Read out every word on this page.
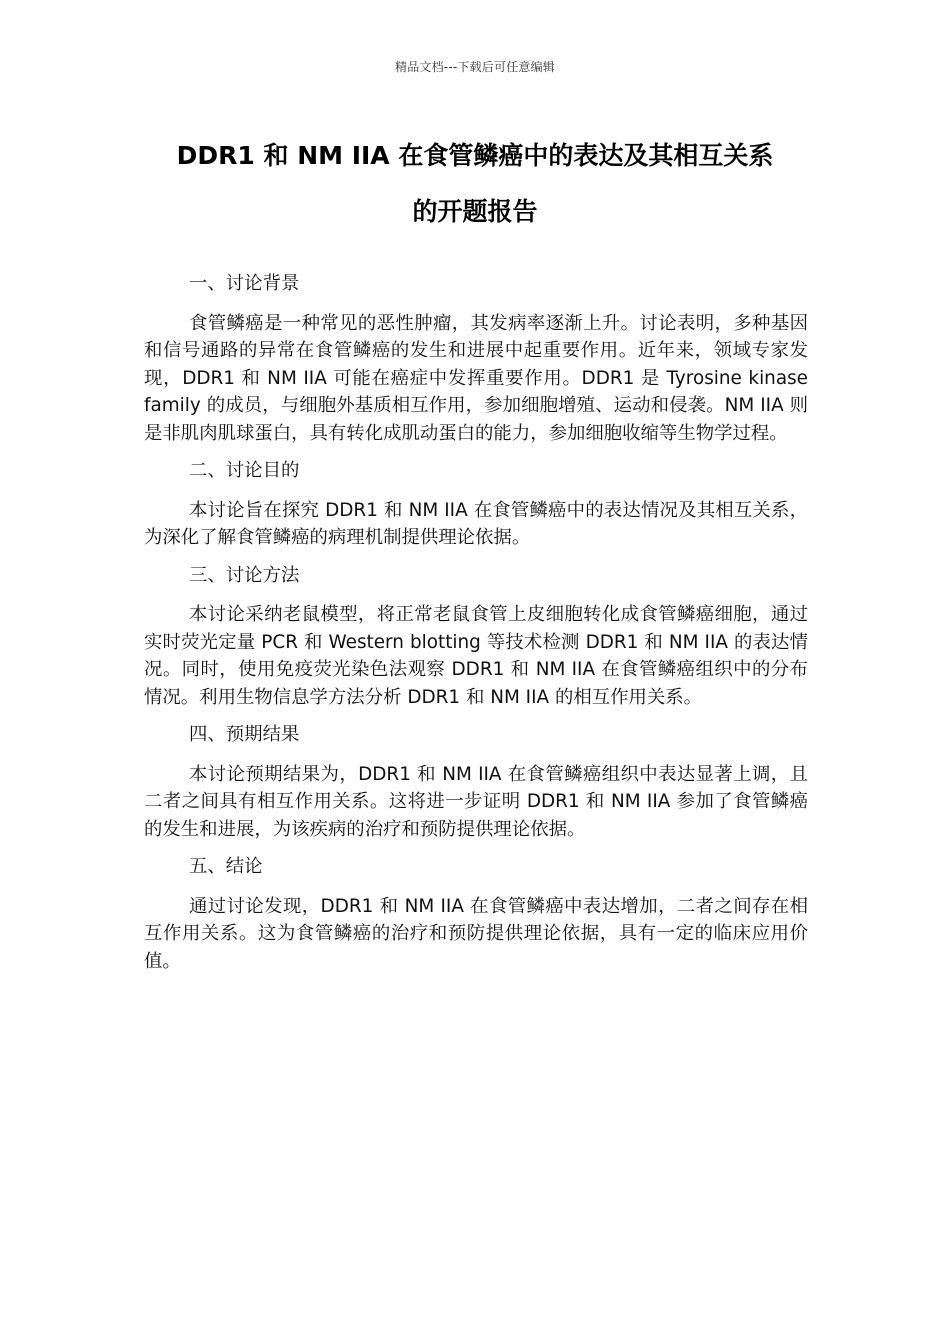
精品文档---下载后可任意编辑
DDR1 和 NM IIA 在食管鳞癌中的表达及其相互关系
的开题报告
一、讨论背景

食管鳞癌是一种常见的恶性肿瘤，其发病率逐渐上升。讨论表明，多种基因和信号通路的异常在食管鳞癌的发生和进展中起重要作用。近年来，领域专家发现，DDR1 和 NM IIA 可能在癌症中发挥重要作用。DDR1 是 Tyrosine kinase family 的成员，与细胞外基质相互作用，参加细胞增殖、运动和侵袭。NM IIA 则是非肌肉肌球蛋白，具有转化成肌动蛋白的能力，参加细胞收缩等生物学过程。

二、讨论目的

本讨论旨在探究 DDR1 和 NM IIA 在食管鳞癌中的表达情况及其相互关系，为深化了解食管鳞癌的病理机制提供理论依据。

三、讨论方法

本讨论采纳老鼠模型，将正常老鼠食管上皮细胞转化成食管鳞癌细胞，通过实时荧光定量 PCR 和 Western blotting 等技术检测 DDR1 和 NM IIA 的表达情况。同时，使用免疫荧光染色法观察 DDR1 和 NM IIA 在食管鳞癌组织中的分布情况。利用生物信息学方法分析 DDR1 和 NM IIA 的相互作用关系。

四、预期结果

本讨论预期结果为，DDR1 和 NM IIA 在食管鳞癌组织中表达显著上调，且二者之间具有相互作用关系。这将进一步证明 DDR1 和 NM IIA 参加了食管鳞癌的发生和进展，为该疾病的治疗和预防提供理论依据。

五、结论

通过讨论发现，DDR1 和 NM IIA 在食管鳞癌中表达增加，二者之间存在相互作用关系。这为食管鳞癌的治疗和预防提供理论依据，具有一定的临床应用价值。
